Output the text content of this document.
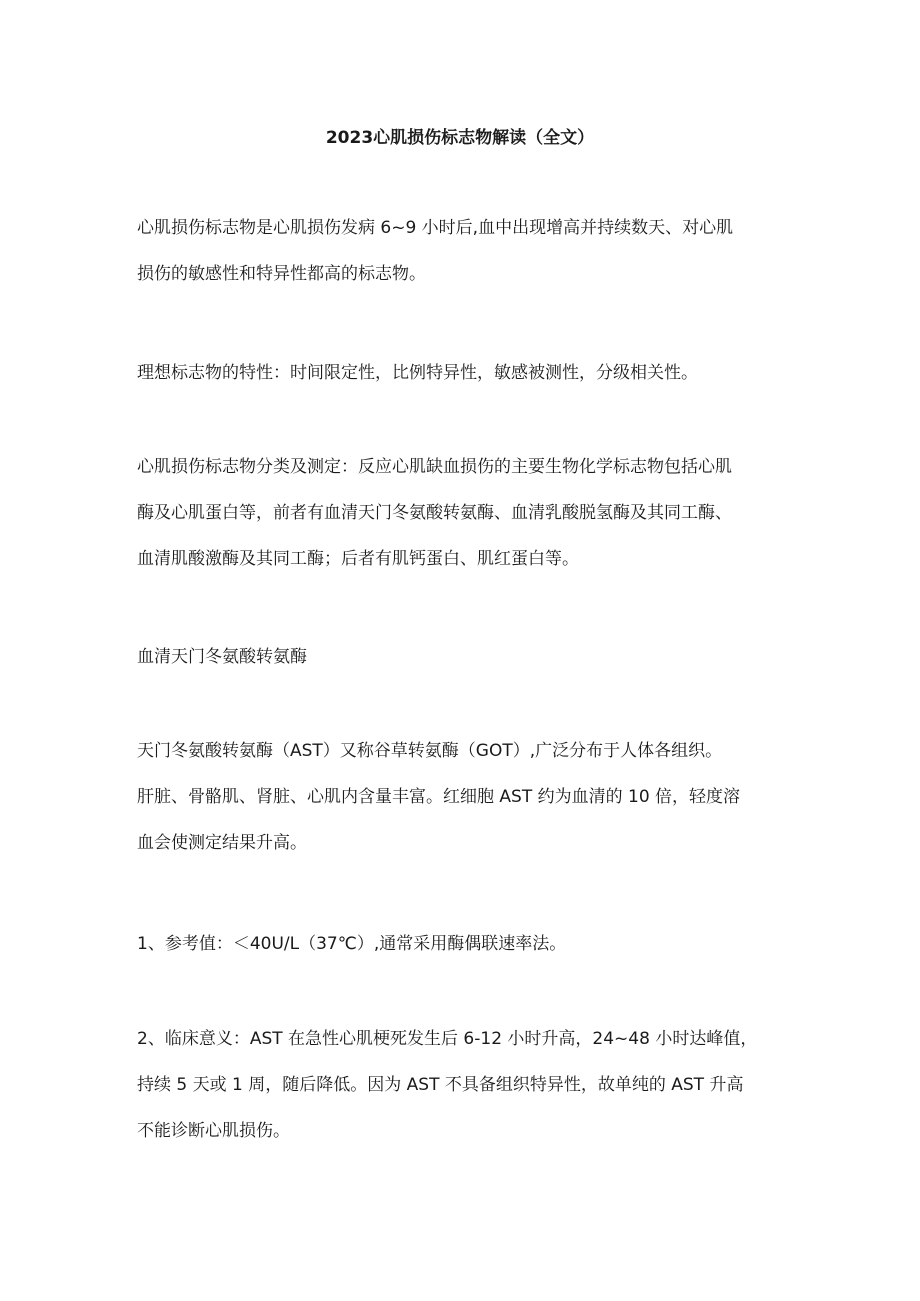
2023心肌损伤标志物解读（全文）
心肌损伤标志物是心肌损伤发病 6~9 小时后,血中出现增高并持续数天、对心肌
损伤的敏感性和特异性都高的标志物。
理想标志物的特性：时间限定性，比例特异性，敏感被测性，分级相关性。
心肌损伤标志物分类及测定：反应心肌缺血损伤的主要生物化学标志物包括心肌
酶及心肌蛋白等，前者有血清天门冬氨酸转氨酶、血清乳酸脱氢酶及其同工酶、
血清肌酸激酶及其同工酶；后者有肌钙蛋白、肌红蛋白等。
血清天门冬氨酸转氨酶
天门冬氨酸转氨酶（AST）又称谷草转氨酶（GOT）,广泛分布于人体各组织。
肝脏、骨骼肌、肾脏、心肌内含量丰富。红细胞 AST 约为血清的 10 倍，轻度溶
血会使测定结果升高。
1、参考值：＜40U/L（37℃）,通常采用酶偶联速率法。
2、临床意义：AST 在急性心肌梗死发生后 6-12 小时升高，24~48 小时达峰值，
持续 5 天或 1 周，随后降低。因为 AST 不具备组织特异性，故单纯的 AST 升高
不能诊断心肌损伤。
